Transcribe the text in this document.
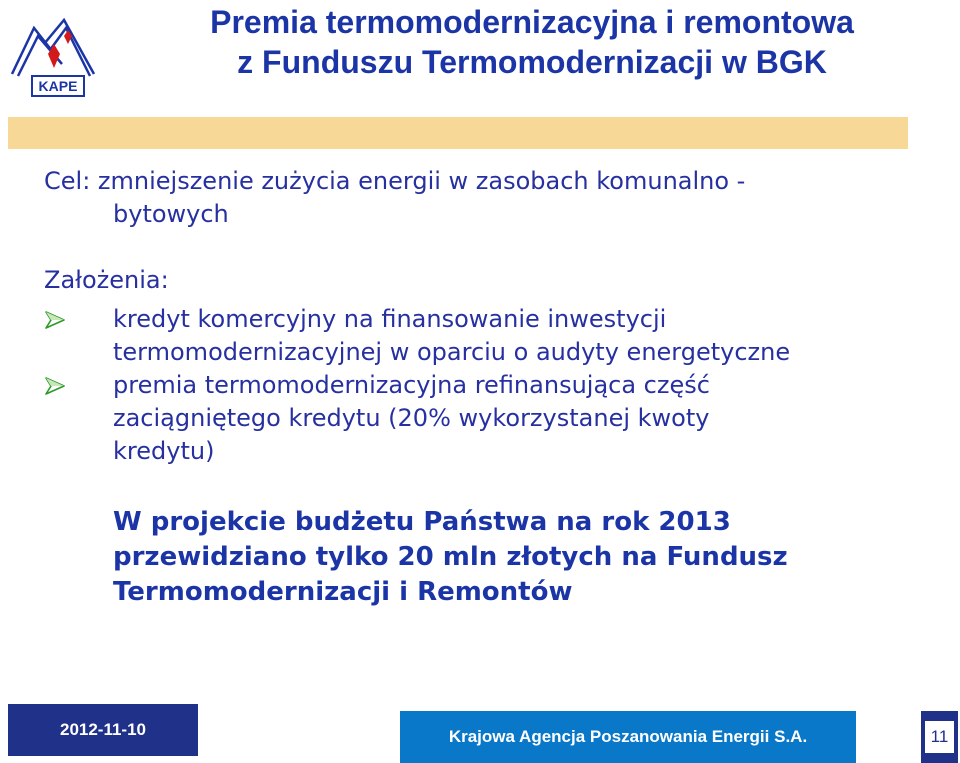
KAPE
Premia termomodernizacyjna i remontowa
z Funduszu Termomodernizacji w BGK
Cel: zmniejszenie zużycia energii w zasobach komunalno -
bytowych
Założenia:
kredyt komercyjny na finansowanie inwestycji
termomodernizacyjnej w oparciu o audyty energetyczne
premia termomodernizacyjna refinansująca część
zaciągniętego kredytu (20% wykorzystanej kwoty
kredytu)
W projekcie budżetu Państwa na rok 2013
przewidziano tylko 20 mln złotych na Fundusz
Termomodernizacji i Remontów
2012-11-10	Krajowa Agencja Poszanowania Energii S.A.	11
